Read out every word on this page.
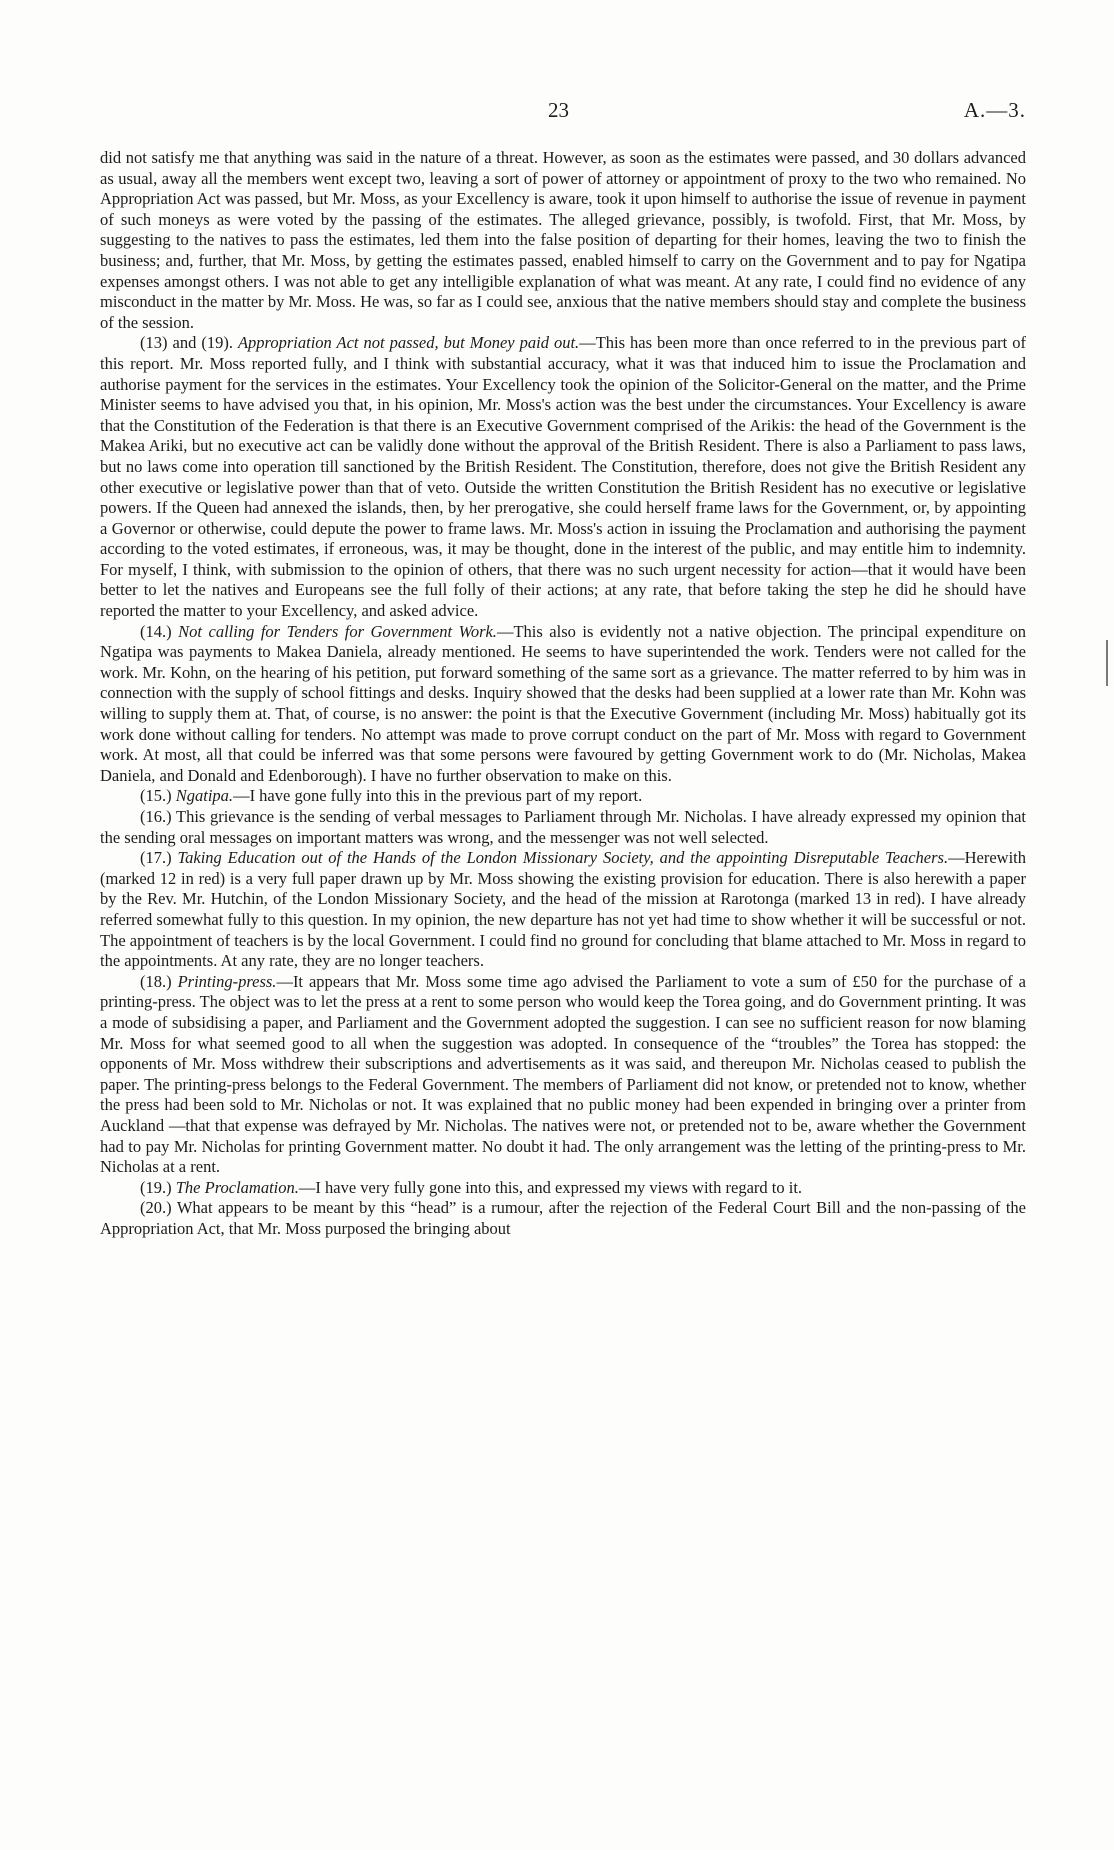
23	A.—3.

did not satisfy me that anything was said in the nature of a threat. However, as soon as the estimates were passed, and 30 dollars advanced as usual, away all the members went except two, leaving a sort of power of attorney or appointment of proxy to the two who remained. No Appropriation Act was passed, but Mr. Moss, as your Excellency is aware, took it upon himself to authorise the issue of revenue in payment of such moneys as were voted by the passing of the estimates. The alleged grievance, possibly, is twofold. First, that Mr. Moss, by suggesting to the natives to pass the estimates, led them into the false position of departing for their homes, leaving the two to finish the business; and, further, that Mr. Moss, by getting the estimates passed, enabled himself to carry on the Government and to pay for Ngatipa expenses amongst others. I was not able to get any intelligible explanation of what was meant. At any rate, I could find no evidence of any misconduct in the matter by Mr. Moss. He was, so far as I could see, anxious that the native members should stay and complete the business of the session.

(13) and (19). Appropriation Act not passed, but Money paid out.—This has been more than once referred to in the previous part of this report. Mr. Moss reported fully, and I think with substantial accuracy, what it was that induced him to issue the Proclamation and authorise payment for the services in the estimates. Your Excellency took the opinion of the Solicitor-General on the matter, and the Prime Minister seems to have advised you that, in his opinion, Mr. Moss's action was the best under the circumstances. Your Excellency is aware that the Constitution of the Federation is that there is an Executive Government comprised of the Arikis: the head of the Government is the Makea Ariki, but no executive act can be validly done without the approval of the British Resident. There is also a Parliament to pass laws, but no laws come into operation till sanctioned by the British Resident. The Constitution, therefore, does not give the British Resident any other executive or legislative power than that of veto. Outside the written Constitution the British Resident has no executive or legislative powers. If the Queen had annexed the islands, then, by her prerogative, she could herself frame laws for the Government, or, by appointing a Governor or otherwise, could depute the power to frame laws. Mr. Moss's action in issuing the Proclamation and authorising the payment according to the voted estimates, if erroneous, was, it may be thought, done in the interest of the public, and may entitle him to indemnity. For myself, I think, with submission to the opinion of others, that there was no such urgent necessity for action—that it would have been better to let the natives and Europeans see the full folly of their actions; at any rate, that before taking the step he did he should have reported the matter to your Excellency, and asked advice.

(14.) Not calling for Tenders for Government Work.—This also is evidently not a native objection. The principal expenditure on Ngatipa was payments to Makea Daniela, already mentioned. He seems to have superintended the work. Tenders were not called for the work. Mr. Kohn, on the hearing of his petition, put forward something of the same sort as a grievance. The matter referred to by him was in connection with the supply of school fittings and desks. Inquiry showed that the desks had been supplied at a lower rate than Mr. Kohn was willing to supply them at. That, of course, is no answer: the point is that the Executive Government (including Mr. Moss) habitually got its work done without calling for tenders. No attempt was made to prove corrupt conduct on the part of Mr. Moss with regard to Government work. At most, all that could be inferred was that some persons were favoured by getting Government work to do (Mr. Nicholas, Makea Daniela, and Donald and Edenborough). I have no further observation to make on this.

(15.) Ngatipa.—I have gone fully into this in the previous part of my report.

(16.) This grievance is the sending of verbal messages to Parliament through Mr. Nicholas. I have already expressed my opinion that the sending oral messages on important matters was wrong, and the messenger was not well selected.

(17.) Taking Education out of the Hands of the London Missionary Society, and the appointing Disreputable Teachers.—Herewith (marked 12 in red) is a very full paper drawn up by Mr. Moss showing the existing provision for education. There is also herewith a paper by the Rev. Mr. Hutchin, of the London Missionary Society, and the head of the mission at Rarotonga (marked 13 in red). I have already referred somewhat fully to this question. In my opinion, the new departure has not yet had time to show whether it will be successful or not. The appointment of teachers is by the local Government. I could find no ground for concluding that blame attached to Mr. Moss in regard to the appointments. At any rate, they are no longer teachers.

(18.) Printing-press.—It appears that Mr. Moss some time ago advised the Parliament to vote a sum of £50 for the purchase of a printing-press. The object was to let the press at a rent to some person who would keep the Torea going, and do Government printing. It was a mode of subsidising a paper, and Parliament and the Government adopted the suggestion. I can see no sufficient reason for now blaming Mr. Moss for what seemed good to all when the suggestion was adopted. In consequence of the “troubles” the Torea has stopped: the opponents of Mr. Moss withdrew their subscriptions and advertisements as it was said, and thereupon Mr. Nicholas ceased to publish the paper. The printing-press belongs to the Federal Government. The members of Parliament did not know, or pretended not to know, whether the press had been sold to Mr. Nicholas or not. It was explained that no public money had been expended in bringing over a printer from Auckland —that that expense was defrayed by Mr. Nicholas. The natives were not, or pretended not to be, aware whether the Government had to pay Mr. Nicholas for printing Government matter. No doubt it had. The only arrangement was the letting of the printing-press to Mr. Nicholas at a rent.

(19.) The Proclamation.—I have very fully gone into this, and expressed my views with regard to it.

(20.) What appears to be meant by this “head” is a rumour, after the rejection of the Federal Court Bill and the non-passing of the Appropriation Act, that Mr. Moss purposed the bringing about
